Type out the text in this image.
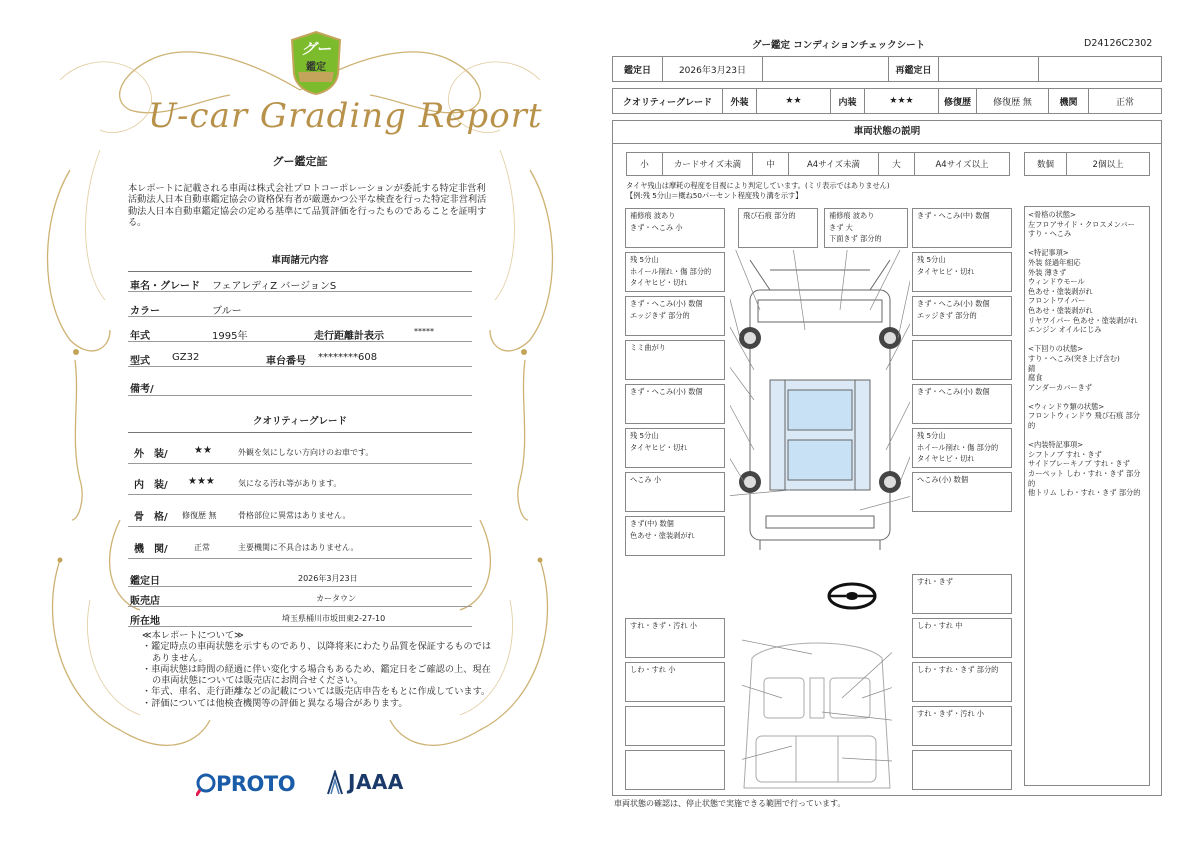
グー
鑑定
U-car Grading Report
グー鑑定証
本レポートに記載される車両は株式会社プロトコーポレーションが委託する特定非営利活動法人日本自動車鑑定協会の資格保有者が厳選かつ公平な検査を行った特定非営利活動法人日本自動車鑑定協会の定める基準にて品質評価を行ったものであることを証明する。
車両諸元内容
車名・グレード フェアレディZ バージョンS
カラー	ブルー
年式	1995年	走行距離計表示	*****
型式 GZ32	車台番号 ********608
備考/
クオリティーグレード
外　装/	★★	外観を気にしない方向けのお車です。
内　装/ ★★★	気になる汚れ等があります。
骨　格/ 修復歴 無	骨格部位に異常はありません。
機　関/	正常	主要機関に不具合はありません。
鑑定日	2026年3月23日
販売店	カータウン
所在地	埼玉県桶川市坂田東2-27-10
≪本レポートについて≫
・鑑定時点の車両状態を示すものであり、以降将来にわたり品質を保証するものではありません。
・車両状態は時間の経過に伴い変化する場合もあるため、鑑定日をご確認の上、現在の車両状態については販売店にお問合せください。
・年式、車名、走行距離などの記載については販売店申告をもとに作成しています。
・評価については他検査機関等の評価と異なる場合があります。
PROTO	JAAA
グー鑑定 コンディションチェックシート	D24126C2302
鑑定日	2026年3月23日		再鑑定日		
クオリティーグレード	外装	★★	内装	★★★	修復歴	修復歴 無	機関	正常
車両状態の説明
小	カードサイズ未満	中	A4サイズ未満	大	A4サイズ以上	数個	2個以上
タイヤ残山は摩耗の程度を目視により判定しています。(ミリ表示ではありません)
【例:残 5分山＝概ね50パーセント程度残り溝を示す】
補修痕 波あり
きず・へこみ 小
飛び石痕 部分的	補修痕 波あり
きず 大
下面きず 部分的
きず・へこみ(中) 数個
残 5分山
ホイール削れ・傷 部分的
タイヤヒビ・切れ
残 5分山
タイヤヒビ・切れ
きず・へこみ(小) 数個
エッジきず 部分的
きず・へこみ(小) 数個
エッジきず 部分的
ミミ曲がり
きず・へこみ(小) 数個	きず・へこみ(小) 数個
残 5分山
タイヤヒビ・切れ
残 5分山
ホイール削れ・傷 部分的
タイヤヒビ・切れ
へこみ 小	へこみ(小) 数個
きず(中) 数個
色あせ・塗装剥がれ
すれ・きず
すれ・きず・汚れ 小	しわ・すれ 中
しわ・すれ 小	しわ・すれ・きず 部分的
すれ・きず・汚れ 小
<骨格の状態>
左フロアサイド・クロスメンバー
すり・へこみ
<特記事項>
外装 経過年相応
外装 薄きず
ウィンドウモール
色あせ・塗装剥がれ
フロントワイパー
色あせ・塗装剥がれ
リヤワイパー 色あせ・塗装剥がれ
エンジン オイルにじみ
<下回りの状態>
すり・へこみ(突き上げ含む)
錆
腐食
アンダーカバーきず
<ウィンドウ類の状態>
フロントウィンドウ 飛び石痕 部分的
<内装特記事項>
シフトノブ すれ・きず
サイドブレーキノブ すれ・きず
カーペット しわ・すれ・きず 部分的
他トリム しわ・すれ・きず 部分的
車両状態の確認は、停止状態で実施できる範囲で行っています。
